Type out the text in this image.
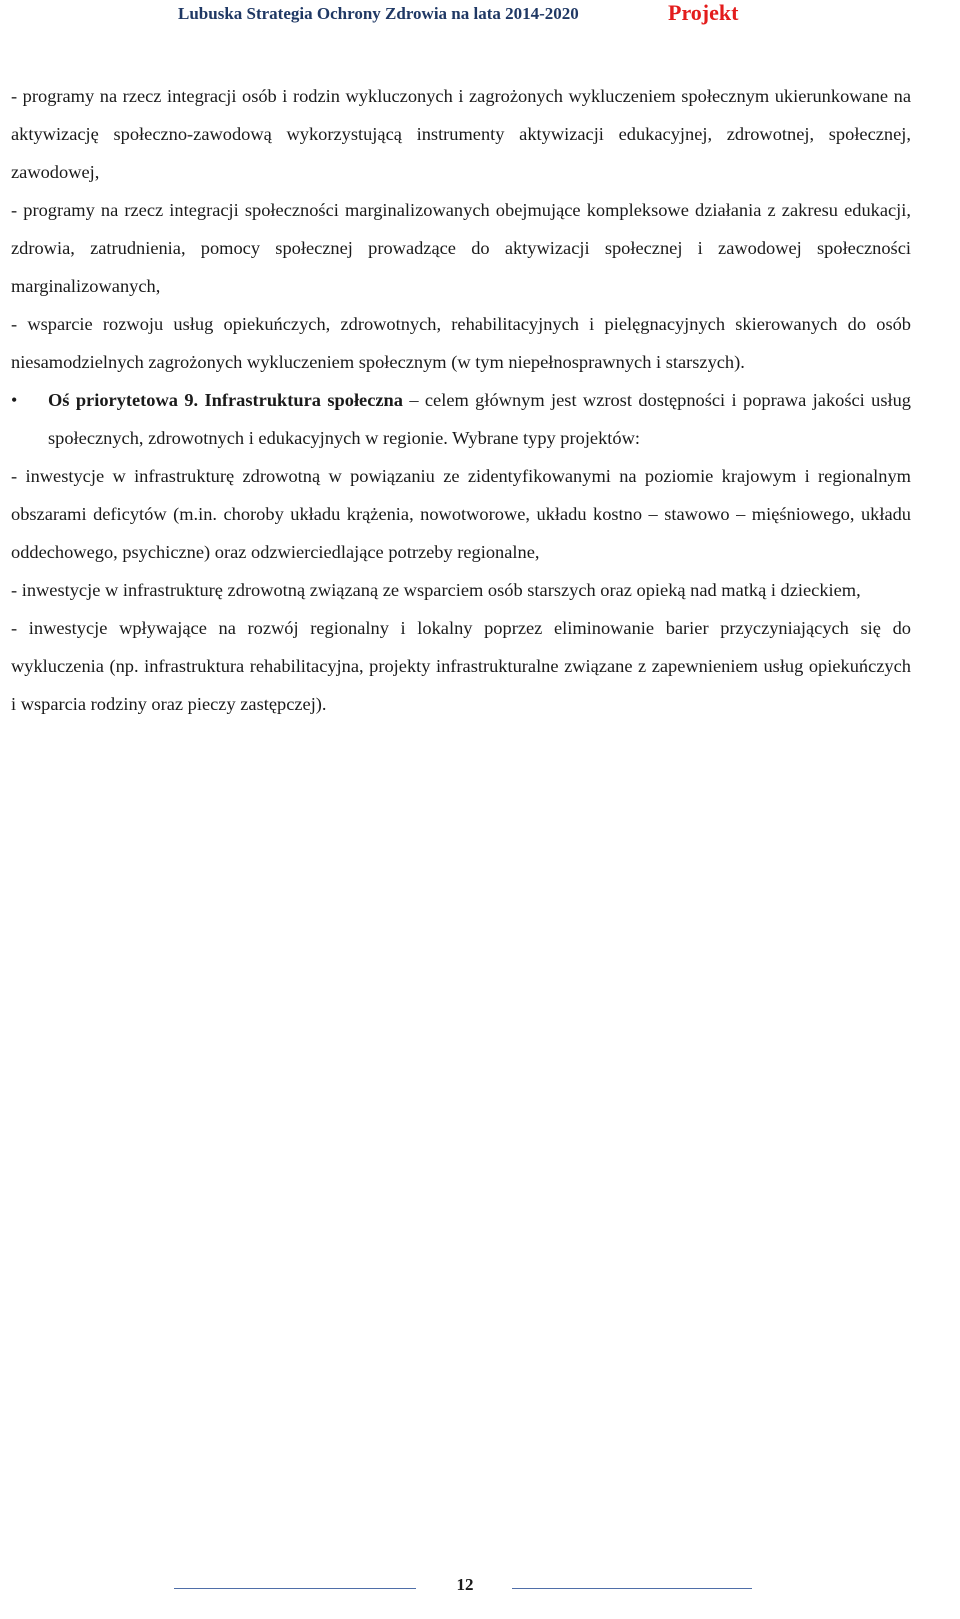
Lubuska Strategia Ochrony Zdrowia na lata 2014-2020	Projekt

- programy na rzecz integracji osób i rodzin wykluczonych i zagrożonych wykluczeniem społecznym ukierunkowane na aktywizację społeczno-zawodową wykorzystującą instrumenty aktywizacji edukacyjnej, zdrowotnej, społecznej, zawodowej,

- programy na rzecz integracji społeczności marginalizowanych obejmujące kompleksowe działania z zakresu edukacji, zdrowia, zatrudnienia, pomocy społecznej prowadzące do aktywizacji społecznej i zawodowej społeczności marginalizowanych,

- wsparcie rozwoju usług opiekuńczych, zdrowotnych, rehabilitacyjnych i pielęgnacyjnych skierowanych do osób niesamodzielnych zagrożonych wykluczeniem społecznym (w tym niepełnosprawnych i starszych).

• Oś priorytetowa 9. Infrastruktura społeczna – celem głównym jest wzrost dostępności i poprawa jakości usług społecznych, zdrowotnych i edukacyjnych w regionie. Wybrane typy projektów:

- inwestycje w infrastrukturę zdrowotną w powiązaniu ze zidentyfikowanymi na poziomie krajowym i regionalnym obszarami deficytów (m.in. choroby układu krążenia, nowotworowe, układu kostno – stawowo – mięśniowego, układu oddechowego, psychiczne) oraz odzwierciedlające potrzeby regionalne,

- inwestycje w infrastrukturę zdrowotną związaną ze wsparciem osób starszych oraz opieką nad matką i dzieckiem,

- inwestycje wpływające na rozwój regionalny i lokalny poprzez eliminowanie barier przyczyniających się do wykluczenia (np. infrastruktura rehabilitacyjna, projekty infrastrukturalne związane z zapewnieniem usług opiekuńczych i wsparcia rodziny oraz pieczy zastępczej).

12
